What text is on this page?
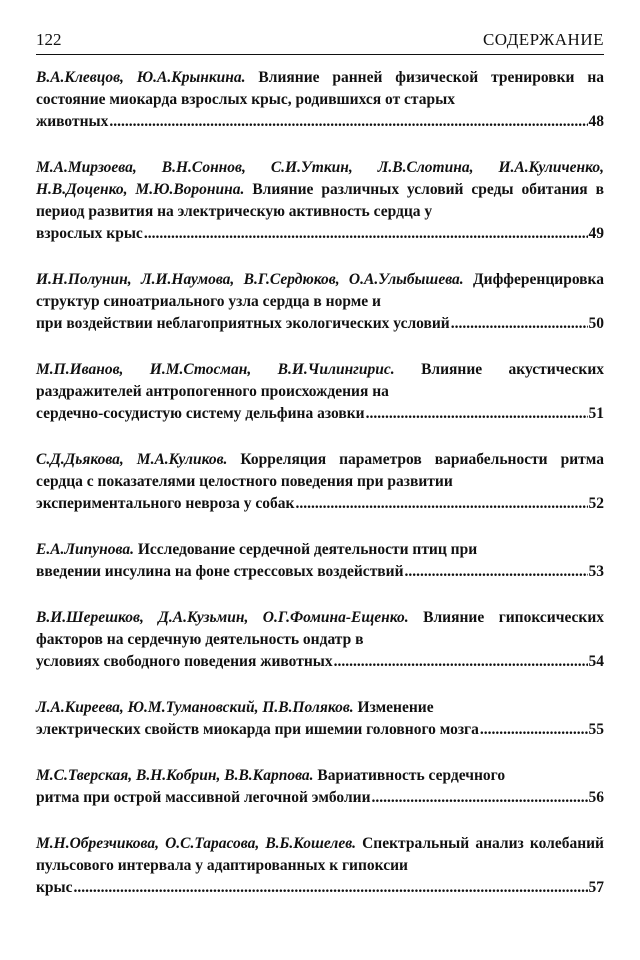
122	СОДЕРЖАНИЕ
В.А.Клевцов, Ю.А.Крынкина. Влияние ранней физической тренировки на состояние миокарда взрослых крыс, родившихся от старых
животных .....	48
М.А.Мирзоева, В.Н.Соннов, С.И.Уткин, Л.В.Слотина, И.А.Куличенко, Н.В.Доценко, М.Ю.Воронина. Влияние различных условий среды обитания в период развития на электрическую активность сердца у
взрослых крыс .....	49
И.Н.Полунин, Л.И.Наумова, В.Г.Сердюков, О.А.Улыбышева. Дифференцировка структур синоатриального узла сердца в норме и
при воздействии неблагоприятных экологических условий .....	50
М.П.Иванов, И.М.Стосман, В.И.Чилингирис. Влияние акустических раздражителей антропогенного происхождения на
сердечно-сосудистую систему дельфина азовки .....	51
С.Д.Дьякова, М.А.Куликов. Корреляция параметров вариабельности ритма сердца с показателями целостного поведения при развитии
экспериментального невроза у собак .....	52
Е.А.Липунова. Исследование сердечной деятельности птиц при
введении инсулина на фоне стрессовых воздействий .....	53
В.И.Шерешков, Д.А.Кузьмин, О.Г.Фомина-Ещенко. Влияние гипоксических факторов на сердечную деятельность ондатр в
условиях свободного поведения животных .....	54
Л.А.Киреева, Ю.М.Тумановский, П.В.Поляков. Изменение
электрических свойств миокарда при ишемии головного мозга .....	55
М.С.Тверская, В.Н.Кобрин, В.В.Карпова. Вариативность сердечного
ритма при острой массивной легочной эмболии .....	56
М.Н.Обрезчикова, О.С.Тарасова, В.Б.Кошелев. Спектральный анализ колебаний пульсового интервала у адаптированных к гипоксии
крыс .....	57
